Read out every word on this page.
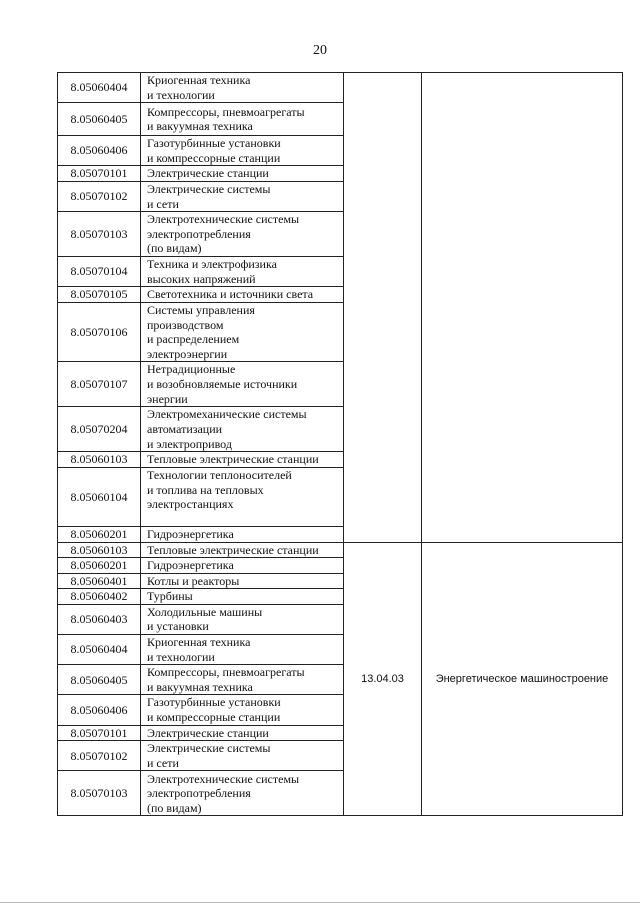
20
8.05060404	Криогенная техника
и технологии		
8.05060405	Компрессоры, пневмоагрегаты
и вакуумная техника		
8.05060406	Газотурбинные установки
и компрессорные станции		
8.05070101	Электрические станции		
8.05070102	Электрические системы
и сети		
8.05070103	Электротехнические системы
электропотребления
(по видам)		
8.05070104	Техника и электрофизика
высоких напряжений		
8.05070105	Светотехника и источники света		
8.05070106	Системы управления
производством
и распределением
электроэнергии		
8.05070107	Нетрадиционные
и возобновляемые источники
энергии		
8.05070204	Электромеханические системы
автоматизации
и электропривод		
8.05060103	Тепловые электрические станции		
8.05060104	Технологии теплоносителей
и топлива на тепловых
электростанциях		
8.05060201	Гидроэнергетика		
8.05060103	Тепловые электрические станции	13.04.03	Энергетическое машиностроение
8.05060201	Гидроэнергетика		
8.05060401	Котлы и реакторы		
8.05060402	Турбины		
8.05060403	Холодильные машины
и установки		
8.05060404	Криогенная техника
и технологии		
8.05060405	Компрессоры, пневмоагрегаты
и вакуумная техника		
8.05060406	Газотурбинные установки
и компрессорные станции		
8.05070101	Электрические станции		
8.05070102	Электрические системы
и сети		
8.05070103	Электротехнические системы
электропотребления
(по видам)		
